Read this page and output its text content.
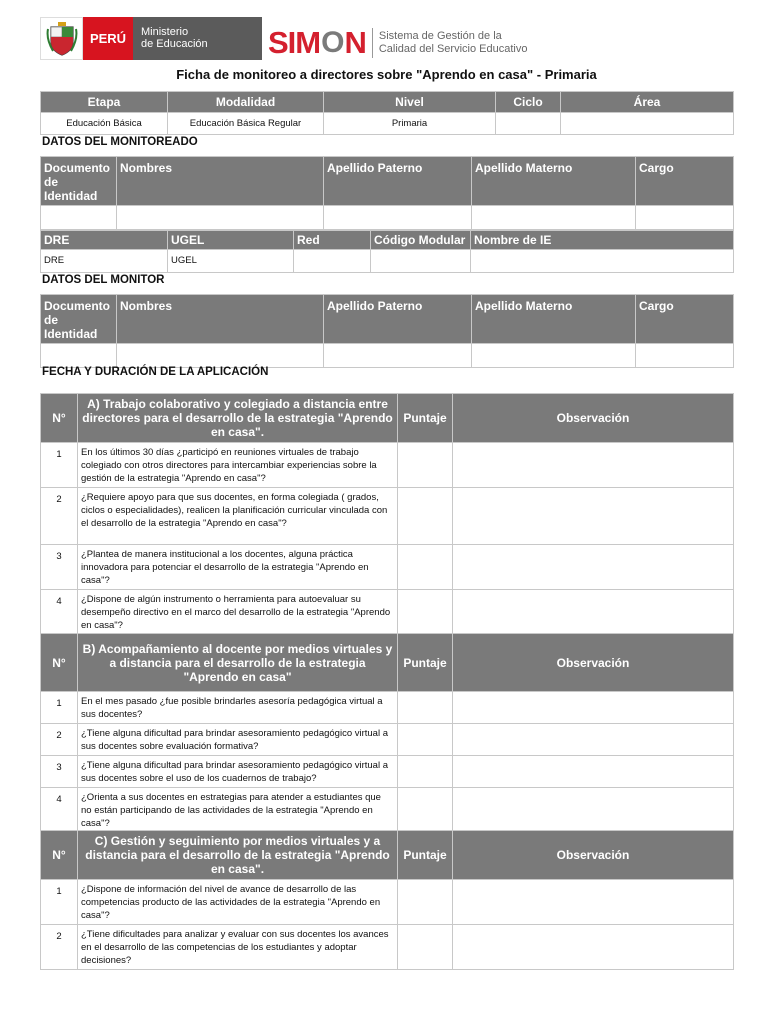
PERÚ	Ministerio
de Educación	SIM O N Sistema de Gestión de la
Calidad del Servicio Educativo
Ficha de monitoreo a directores sobre "Aprendo en casa" - Primaria
Etapa	Modalidad	Nivel	Ciclo	Área
Educación Básica	Educación Básica Regular	Primaria		
DATOS DEL MONITOREADO
Documento de Identidad	Nombres	Apellido Paterno	Apellido Materno	Cargo

DRE	UGEL	Red	Código Modular	Nombre de IE
DRE	UGEL			
DATOS DEL MONITOR
Documento de Identidad	Nombres	Apellido Paterno	Apellido Materno	Cargo

FECHA Y DURACIÓN DE LA APLICACIÓN
N°	A) Trabajo colaborativo y colegiado a distancia entre directores para el desarrollo de la estrategia "Aprendo en casa".	Puntaje	Observación
1	En los últimos 30 días ¿participó en reuniones virtuales de trabajo colegiado con otros directores para intercambiar experiencias sobre la gestión de la estrategia "Aprendo en casa"?		
2	¿Requiere apoyo para que sus docentes, en forma colegiada ( grados, ciclos o especialidades), realicen la planificación curricular vinculada con el desarrollo de la estrategia "Aprendo en casa"?		
3	¿Plantea de manera institucional a los docentes, alguna práctica innovadora para potenciar el desarrollo de la estrategia "Aprendo en casa"?		
4	¿Dispone de algún instrumento o herramienta para autoevaluar su desempeño directivo en el marco del desarrollo de la estrategia "Aprendo en casa"?		
N°	B) Acompañamiento al docente por medios virtuales y a distancia para el desarrollo de la estrategia "Aprendo en casa"	Puntaje	Observación
1	En el mes pasado ¿fue posible brindarles asesoría pedagógica virtual a sus docentes?		
2	¿Tiene alguna dificultad para brindar asesoramiento pedagógico virtual a sus docentes sobre evaluación formativa?		
3	¿Tiene alguna dificultad para brindar asesoramiento pedagógico virtual a sus docentes sobre el uso de los cuadernos de trabajo?		
4	¿Orienta a sus docentes en estrategias para atender a estudiantes que no están participando de las actividades de la estrategia "Aprendo en casa"?		
N°	C) Gestión y seguimiento por medios virtuales y a distancia para el desarrollo de la estrategia "Aprendo en casa".	Puntaje	Observación
1	¿Dispone de información del nivel de avance de desarrollo de las competencias producto de las actividades de la estrategia "Aprendo en casa"?		
2	¿Tiene dificultades para analizar y evaluar con sus docentes los avances en el desarrollo de las competencias de los estudiantes y adoptar decisiones?		
